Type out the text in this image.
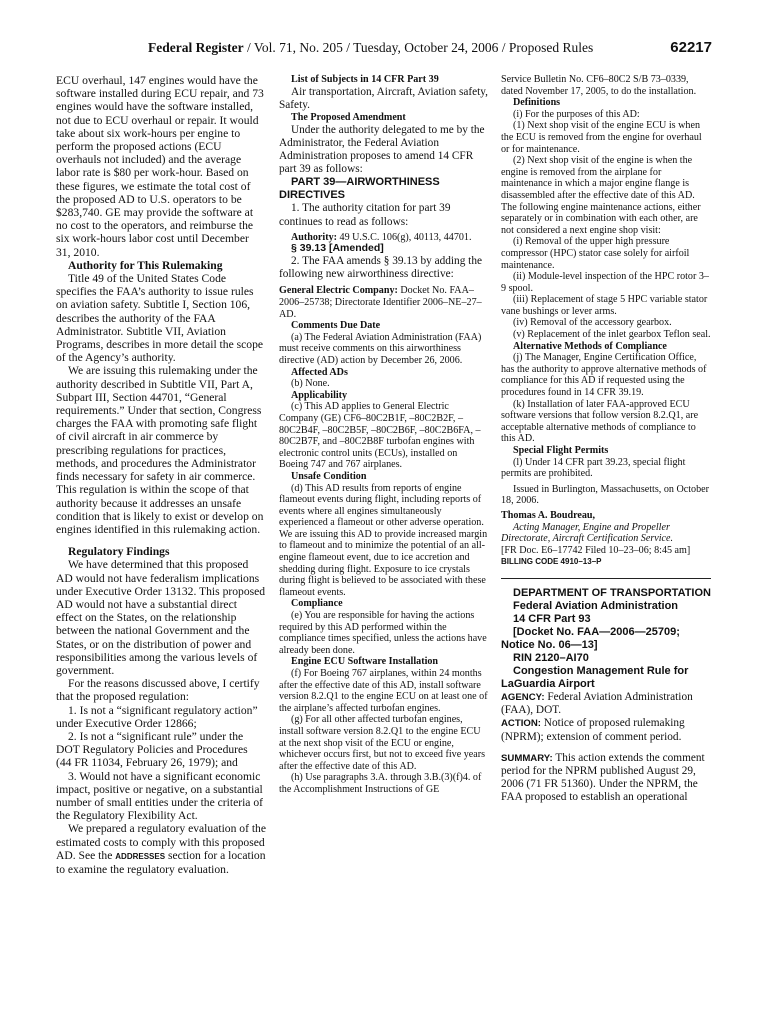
Federal Register / Vol. 71, No. 205 / Tuesday, October 24, 2006 / Proposed Rules	62217

ECU overhaul, 147 engines would have the software installed during ECU repair, and 73 engines would have the software installed, not due to ECU overhaul or repair. It would take about six work-hours per engine to perform the proposed actions (ECU overhauls not included) and the average labor rate is $80 per work-hour. Based on these figures, we estimate the total cost of the proposed AD to U.S. operators to be $283,740. GE may provide the software at no cost to the operators, and reimburse the six work-hours labor cost until December 31, 2010.

Authority for This Rulemaking

Title 49 of the United States Code specifies the FAA’s authority to issue rules on aviation safety. Subtitle I, Section 106, describes the authority of the FAA Administrator. Subtitle VII, Aviation Programs, describes in more detail the scope of the Agency’s authority.

We are issuing this rulemaking under the authority described in Subtitle VII, Part A, Subpart III, Section 44701, “General requirements.” Under that section, Congress charges the FAA with promoting safe flight of civil aircraft in air commerce by prescribing regulations for practices, methods, and procedures the Administrator finds necessary for safety in air commerce. This regulation is within the scope of that authority because it addresses an unsafe condition that is likely to exist or develop on engines identified in this rulemaking action.

Regulatory Findings

We have determined that this proposed AD would not have federalism implications under Executive Order 13132. This proposed AD would not have a substantial direct effect on the States, on the relationship between the national Government and the States, or on the distribution of power and responsibilities among the various levels of government.

For the reasons discussed above, I certify that the proposed regulation:

1. Is not a “significant regulatory action” under Executive Order 12866;

2. Is not a “significant rule” under the DOT Regulatory Policies and Procedures (44 FR 11034, February 26, 1979); and

3. Would not have a significant economic impact, positive or negative, on a substantial number of small entities under the criteria of the Regulatory Flexibility Act.

We prepared a regulatory evaluation of the estimated costs to comply with this proposed AD. See the ADDRESSES section for a location to examine the regulatory evaluation.

List of Subjects in 14 CFR Part 39

Air transportation, Aircraft, Aviation safety, Safety.

The Proposed Amendment

Under the authority delegated to me by the Administrator, the Federal Aviation Administration proposes to amend 14 CFR part 39 as follows:

PART 39—AIRWORTHINESS DIRECTIVES

1. The authority citation for part 39 continues to read as follows:

Authority: 49 U.S.C. 106(g), 40113, 44701.

§ 39.13 [Amended]

2. The FAA amends § 39.13 by adding the following new airworthiness directive:

General Electric Company: Docket No. FAA–2006–25738; Directorate Identifier 2006–NE–27–AD.

Comments Due Date

(a) The Federal Aviation Administration (FAA) must receive comments on this airworthiness directive (AD) action by December 26, 2006.

Affected ADs

(b) None.

Applicability

(c) This AD applies to General Electric Company (GE) CF6–80C2B1F, –80C2B2F, –80C2B4F, –80C2B5F, –80C2B6F, –80C2B6FA, –80C2B7F, and –80C2B8F turbofan engines with electronic control units (ECUs), installed on Boeing 747 and 767 airplanes.

Unsafe Condition

(d) This AD results from reports of engine flameout events during flight, including reports of events where all engines simultaneously experienced a flameout or other adverse operation. We are issuing this AD to provide increased margin to flameout and to minimize the potential of an all-engine flameout event, due to ice accretion and shedding during flight. Exposure to ice crystals during flight is believed to be associated with these flameout events.

Compliance

(e) You are responsible for having the actions required by this AD performed within the compliance times specified, unless the actions have already been done.

Engine ECU Software Installation

(f) For Boeing 767 airplanes, within 24 months after the effective date of this AD, install software version 8.2.Q1 to the engine ECU on at least one of the airplane’s affected turbofan engines.

(g) For all other affected turbofan engines, install software version 8.2.Q1 to the engine ECU at the next shop visit of the ECU or engine, whichever occurs first, but not to exceed five years after the effective date of this AD.

(h) Use paragraphs 3.A. through 3.B.(3)(f)4. of the Accomplishment Instructions of GE

Service Bulletin No. CF6–80C2 S/B 73–0339, dated November 17, 2005, to do the installation.

Definitions

(i) For the purposes of this AD:

(1) Next shop visit of the engine ECU is when the ECU is removed from the engine for overhaul or for maintenance.

(2) Next shop visit of the engine is when the engine is removed from the airplane for maintenance in which a major engine flange is disassembled after the effective date of this AD. The following engine maintenance actions, either separately or in combination with each other, are not considered a next engine shop visit:

(i) Removal of the upper high pressure compressor (HPC) stator case solely for airfoil maintenance.

(ii) Module-level inspection of the HPC rotor 3–9 spool.

(iii) Replacement of stage 5 HPC variable stator vane bushings or lever arms.

(iv) Removal of the accessory gearbox.

(v) Replacement of the inlet gearbox Teflon seal.

Alternative Methods of Compliance

(j) The Manager, Engine Certification Office, has the authority to approve alternative methods of compliance for this AD if requested using the procedures found in 14 CFR 39.19.

(k) Installation of later FAA-approved ECU software versions that follow version 8.2.Q1, are acceptable alternative methods of compliance to this AD.

Special Flight Permits

(l) Under 14 CFR part 39.23, special flight permits are prohibited.

Issued in Burlington, Massachusetts, on October 18, 2006.

Thomas A. Boudreau,

Acting Manager, Engine and Propeller Directorate, Aircraft Certification Service.

[FR Doc. E6–17742 Filed 10–23–06; 8:45 am]

BILLING CODE 4910–13–P

DEPARTMENT OF TRANSPORTATION

Federal Aviation Administration

14 CFR Part 93

[Docket No. FAA—2006—25709; Notice No. 06—13]

RIN 2120–AI70

Congestion Management Rule for LaGuardia Airport

AGENCY: Federal Aviation Administration (FAA), DOT.

ACTION: Notice of proposed rulemaking (NPRM); extension of comment period.

SUMMARY: This action extends the comment period for the NPRM published August 29, 2006 (71 FR 51360). Under the NPRM, the FAA proposed to establish an operational
